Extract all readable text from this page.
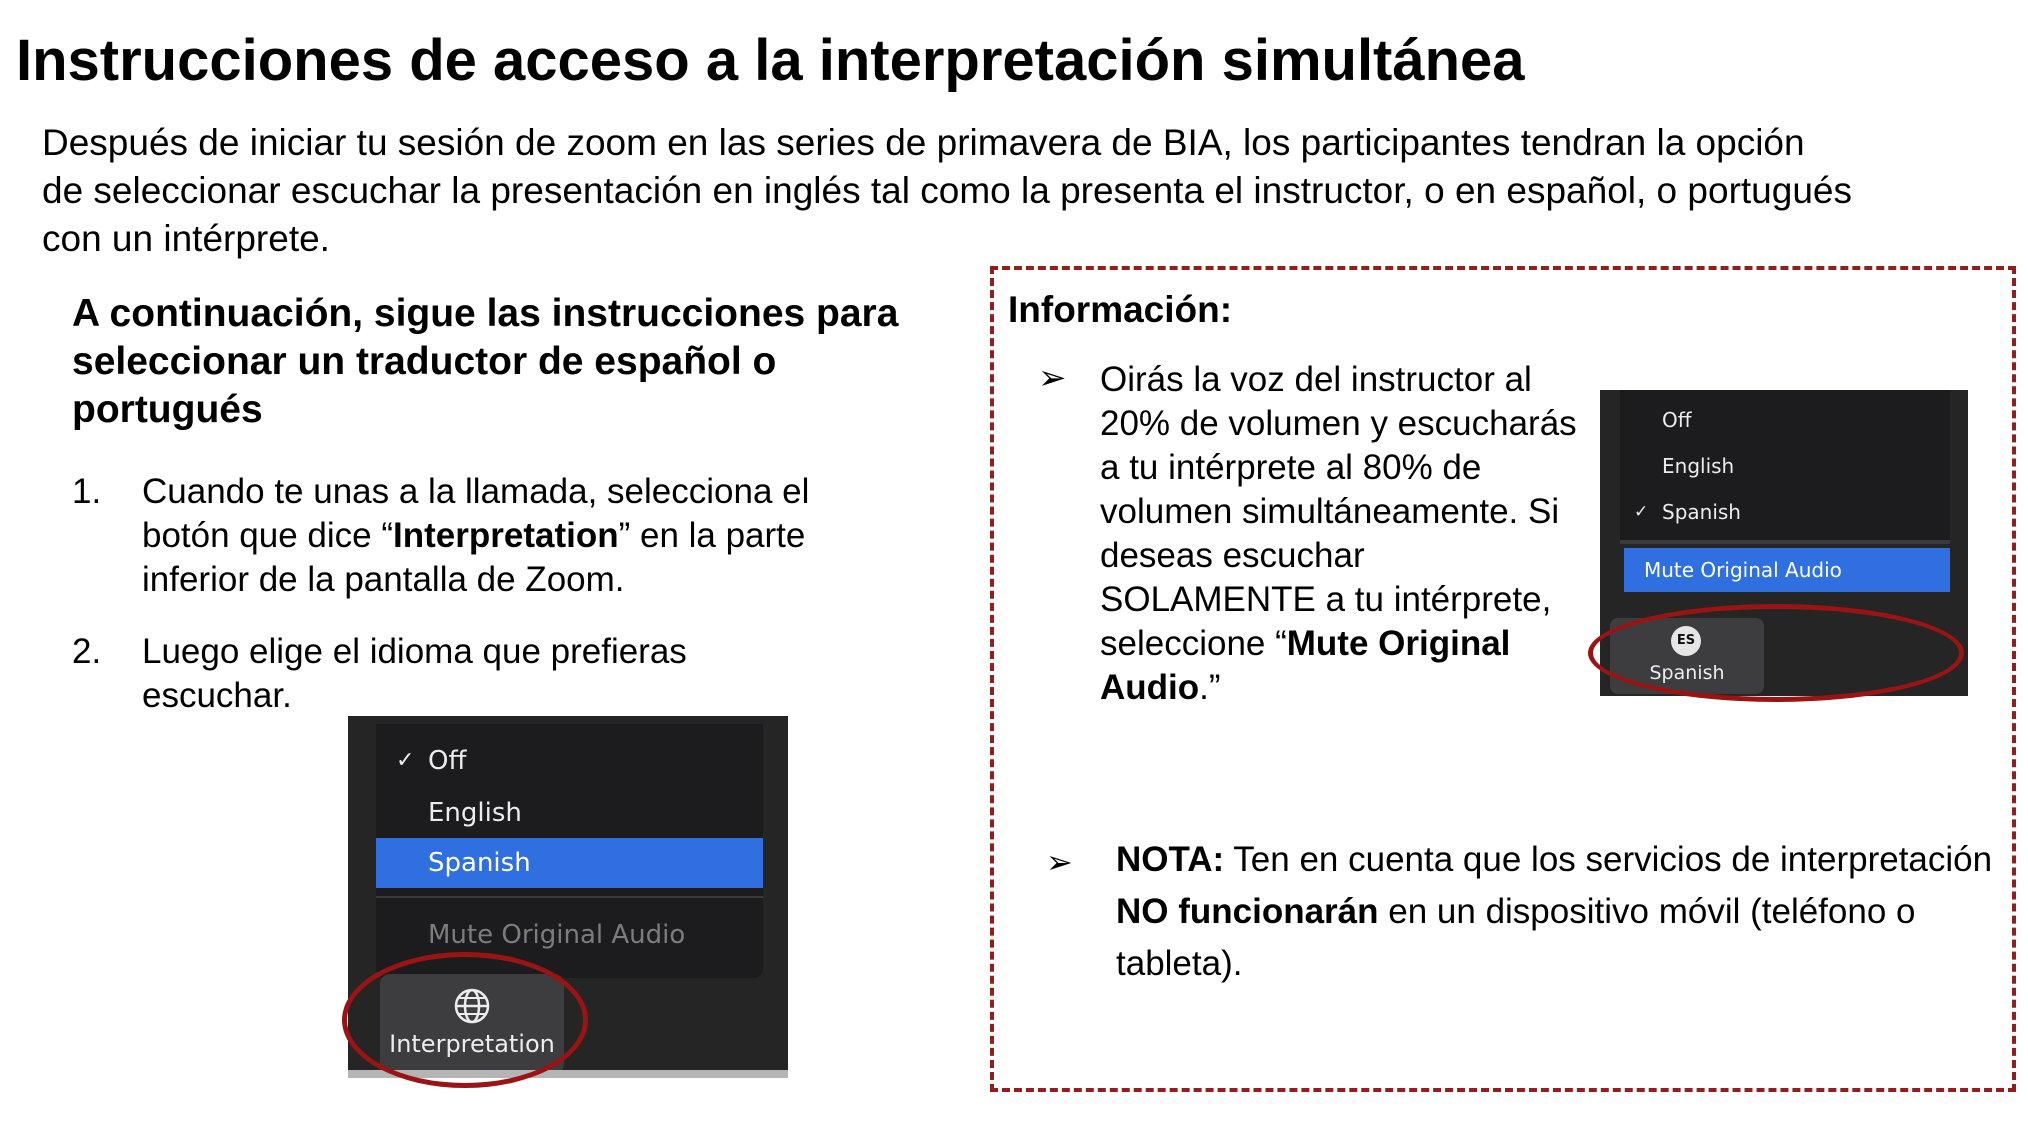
Instrucciones de acceso a la interpretación simultánea

Después de iniciar tu sesión de zoom en las series de primavera de BIA, los participantes tendran la opción
de seleccionar escuchar la presentación en inglés tal como la presenta el instructor, o en español, o portugués
con un intérprete.

A continuación, sigue las instrucciones para seleccionar un traductor de español o portugués
1. Cuando te unas a la llamada, selecciona el botón que dice “Interpretation” en la parte inferior de la pantalla de Zoom.
2. Luego elige el idioma que prefieras escuchar.
✓ Off
English
Spanish
Mute Original Audio
Interpretation
Información:
➢ Oirás la voz del instructor al 20% de volumen y escucharás a tu intérprete al 80% de volumen simultáneamente. Si deseas escuchar SOLAMENTE a tu intérprete, seleccione “Mute Original Audio.”

Off
English
✓ Spanish
Mute Original Audio
ES
Spanish
➢ NOTA: Ten en cuenta que los servicios de interpretación NO funcionarán en un dispositivo móvil (teléfono o tableta).
